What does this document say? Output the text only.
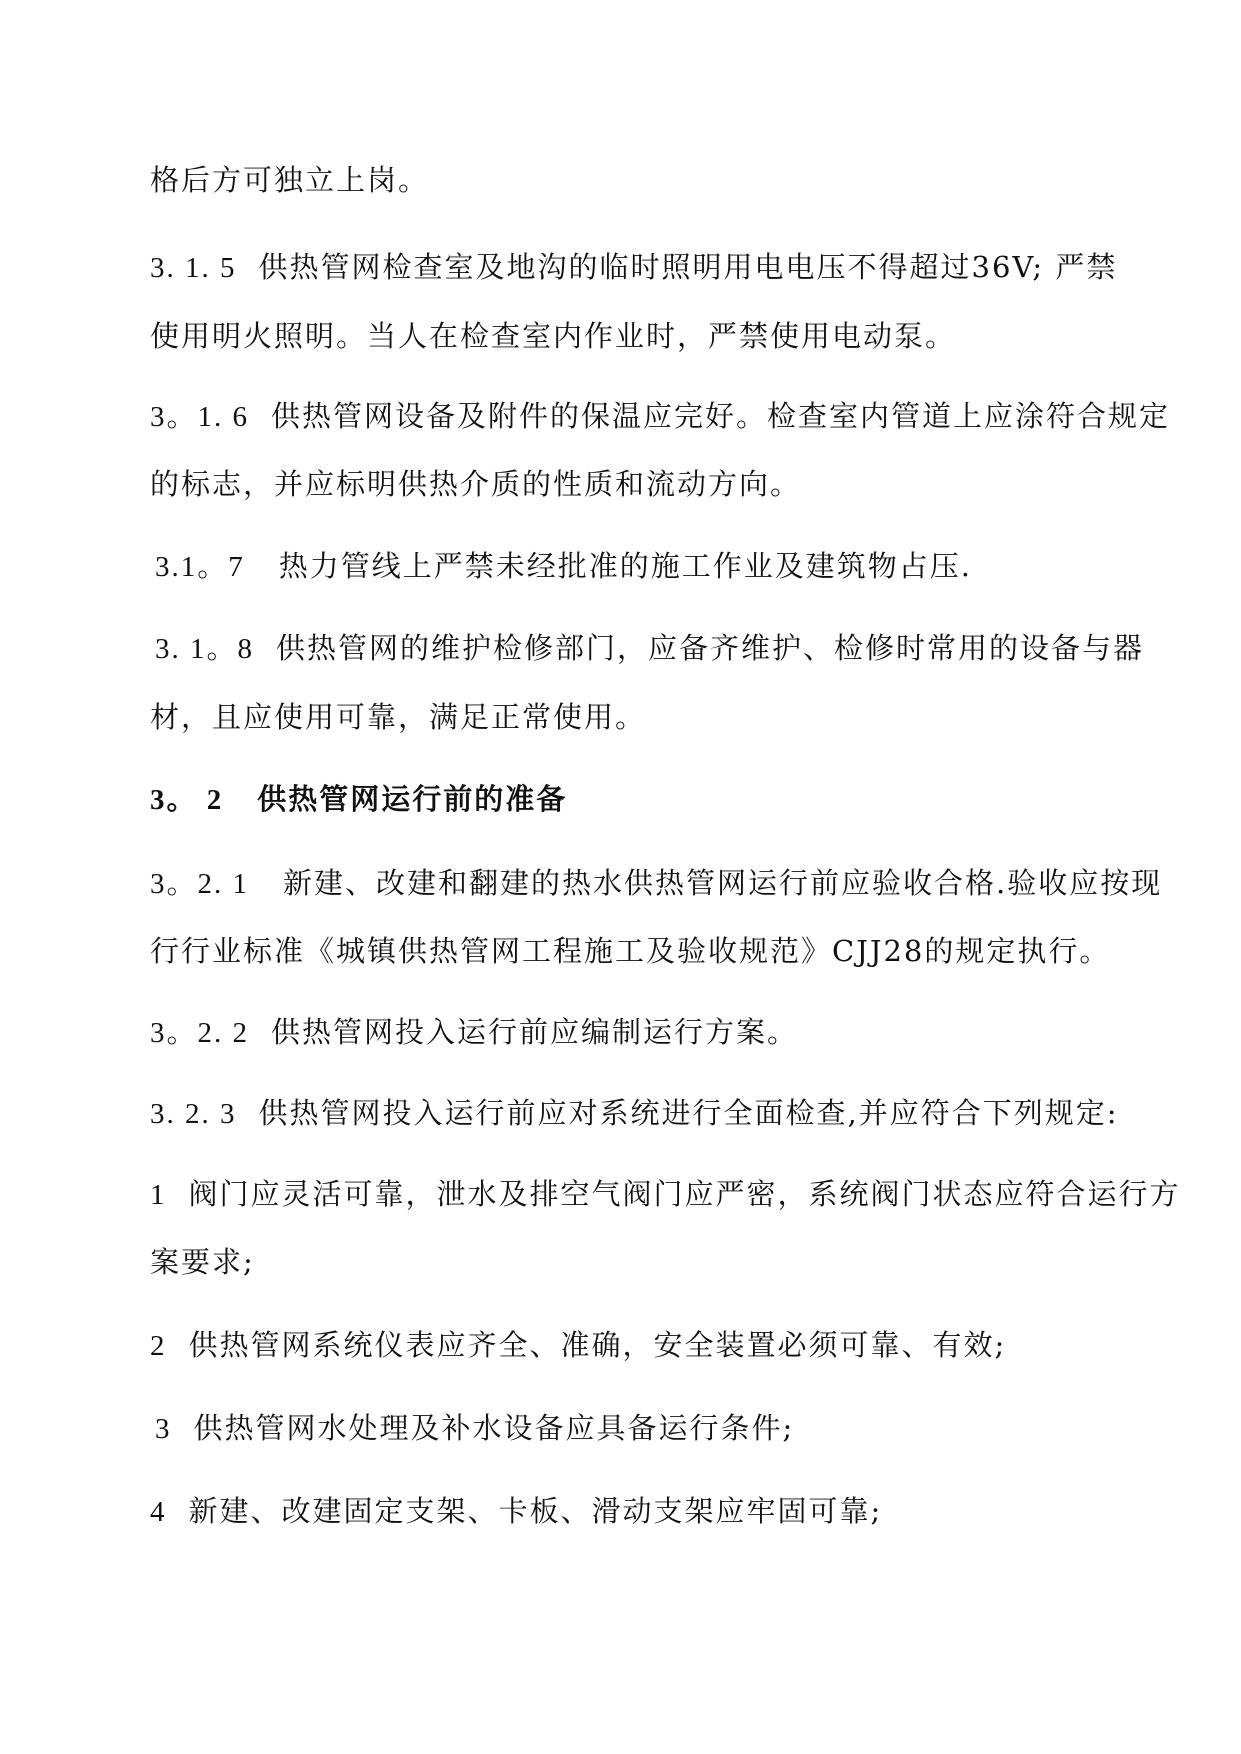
格后方可独立上岗。
3. 1. 5 供热管网检查室及地沟的临时照明用电电压不得超过36V; 严禁
使用明火照明。当人在检查室内作业时，严禁使用电动泵。
3。1. 6 供热管网设备及附件的保温应完好。检查室内管道上应涂符合规定
的标志，并应标明供热介质的性质和流动方向。
3.1。7 热力管线上严禁未经批准的施工作业及建筑物占压.
3. 1。8 供热管网的维护检修部门，应备齐维护、检修时常用的设备与器
材，且应使用可靠，满足正常使用。
3。 2 供热管网运行前的准备
3。2. 1 新建、改建和翻建的热水供热管网运行前应验收合格.验收应按现
行行业标准《城镇供热管网工程施工及验收规范》CJJ28的规定执行。
3。2. 2 供热管网投入运行前应编制运行方案。
3. 2. 3 供热管网投入运行前应对系统进行全面检查,并应符合下列规定:
1 阀门应灵活可靠，泄水及排空气阀门应严密，系统阀门状态应符合运行方
案要求;
2 供热管网系统仪表应齐全、准确，安全装置必须可靠、有效;
3 供热管网水处理及补水设备应具备运行条件;
4 新建、改建固定支架、卡板、滑动支架应牢固可靠;
